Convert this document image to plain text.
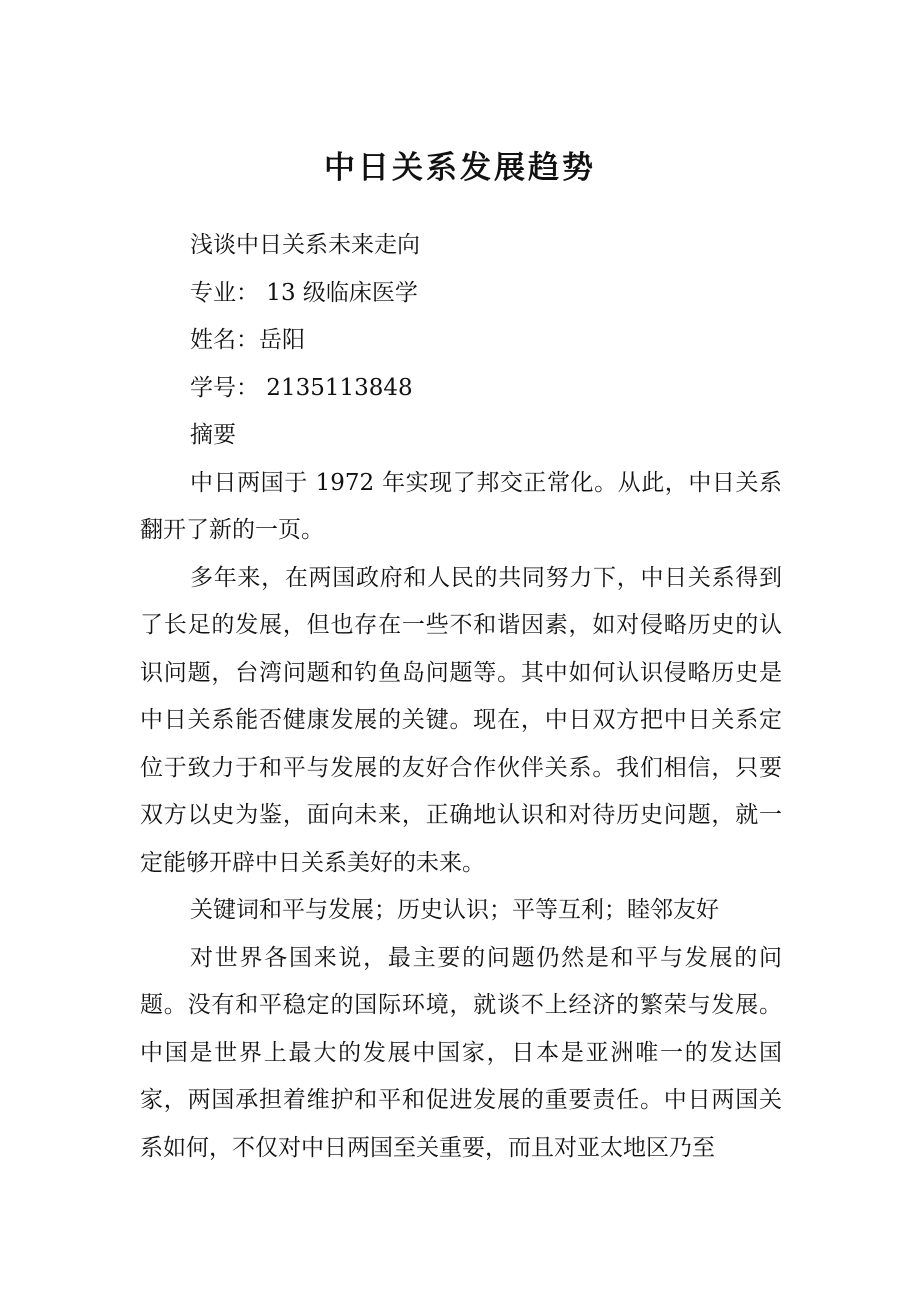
中日关系发展趋势

浅谈中日关系未来走向

专业： 13 级临床医学

姓名：岳阳

学号： 2135113848

摘要

中日两国于 1972 年实现了邦交正常化。从此，中日关系翻开了新的一页。

多年来，在两国政府和人民的共同努力下，中日关系得到了长足的发展，但也存在一些不和谐因素，如对侵略历史的认识问题，台湾问题和钓鱼岛问题等。其中如何认识侵略历史是中日关系能否健康发展的关键。现在，中日双方把中日关系定位于致力于和平与发展的友好合作伙伴关系。我们相信，只要双方以史为鉴，面向未来，正确地认识和对待历史问题，就一定能够开辟中日关系美好的未来。

关键词和平与发展；历史认识；平等互利；睦邻友好

对世界各国来说，最主要的问题仍然是和平与发展的问题。没有和平稳定的国际环境，就谈不上经济的繁荣与发展。中国是世界上最大的发展中国家，日本是亚洲唯一的发达国家，两国承担着维护和平和促进发展的重要责任。中日两国关系如何，不仅对中日两国至关重要，而且对亚太地区乃至
